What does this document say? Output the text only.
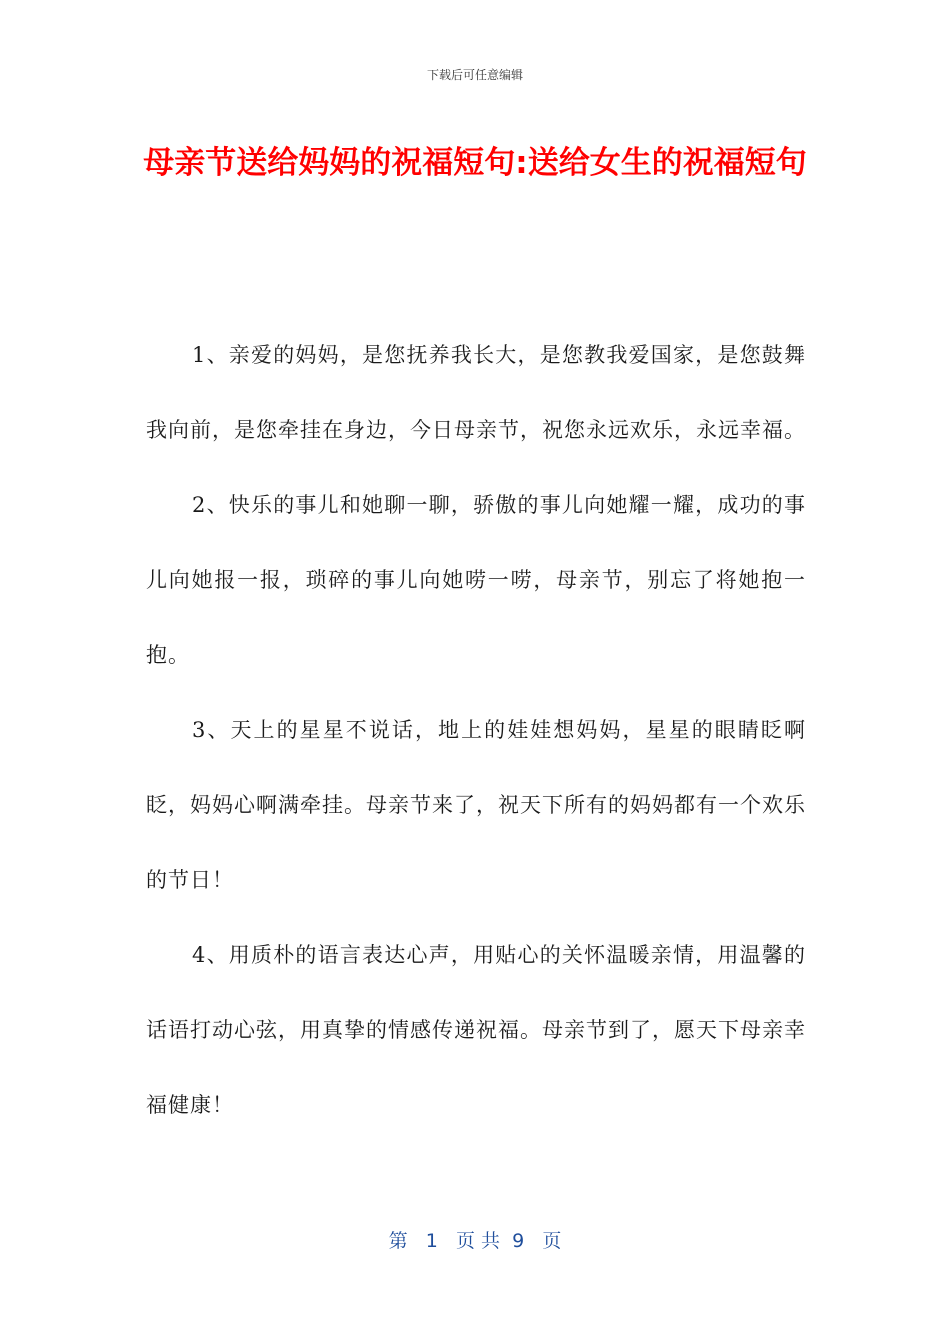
下载后可任意编辑
母亲节送给妈妈的祝福短句:送给女生的祝福短句

1、亲爱的妈妈，是您抚养我长大，是您教我爱国家，是您鼓舞我向前，是您牵挂在身边，今日母亲节，祝您永远欢乐，永远幸福。

2、快乐的事儿和她聊一聊，骄傲的事儿向她耀一耀，成功的事儿向她报一报，琐碎的事儿向她唠一唠，母亲节，别忘了将她抱一抱。

3、天上的星星不说话，地上的娃娃想妈妈，星星的眼睛眨啊眨，妈妈心啊满牵挂。母亲节来了，祝天下所有的妈妈都有一个欢乐的节日！

4、用质朴的语言表达心声，用贴心的关怀温暖亲情，用温馨的话语打动心弦，用真挚的情感传递祝福。母亲节到了，愿天下母亲幸福健康！

第   1   页 共  9   页
